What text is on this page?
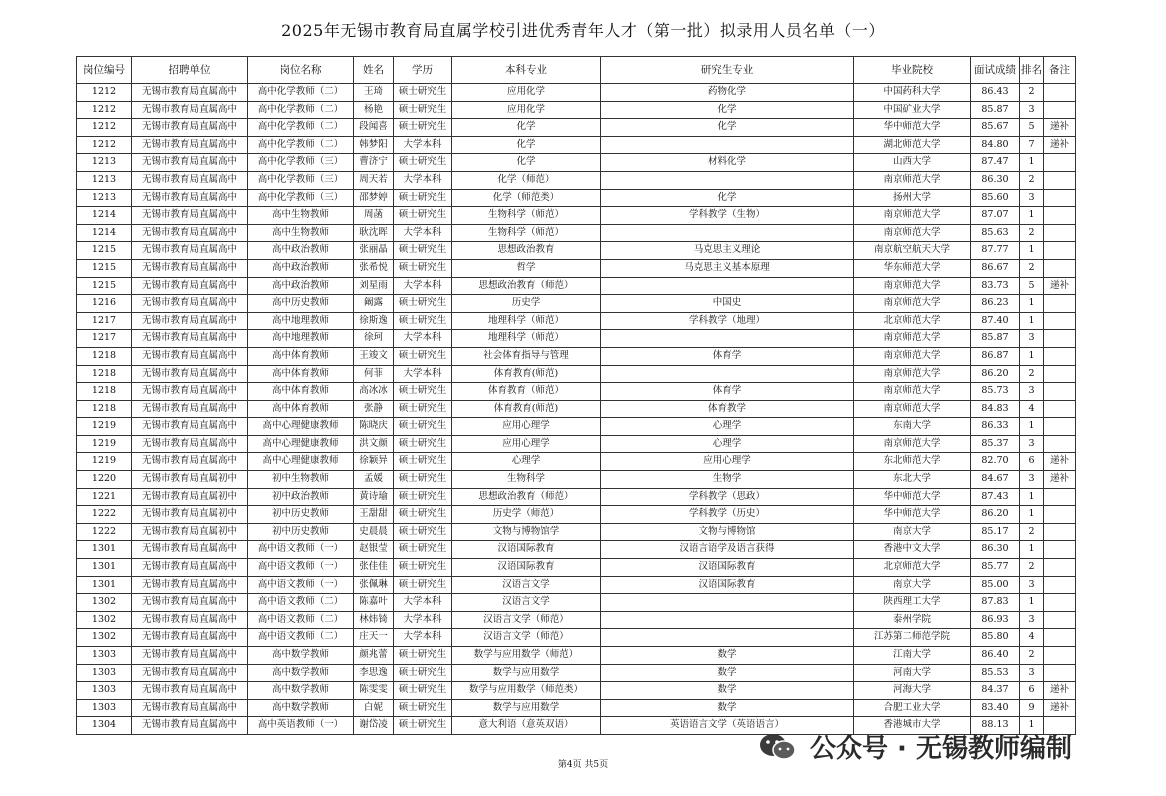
2025年无锡市教育局直属学校引进优秀青年人才（第一批）拟录用人员名单（一）
岗位编号	招聘单位	岗位名称	姓名	学历	本科专业	研究生专业	毕业院校	面试成绩	排名	备注
1212	无锡市教育局直属高中	高中化学教师（二）	王琦	硕士研究生	应用化学	药物化学	中国药科大学	86.43	2	
1212	无锡市教育局直属高中	高中化学教师（二）	杨艳	硕士研究生	应用化学	化学	中国矿业大学	85.87	3	
1212	无锡市教育局直属高中	高中化学教师（二）	段闻喜	硕士研究生	化学	化学	华中师范大学	85.67	5	递补
1212	无锡市教育局直属高中	高中化学教师（二）	韩梦阳	大学本科	化学		湖北师范大学	84.80	7	递补
1213	无锡市教育局直属高中	高中化学教师（三）	曹济宁	硕士研究生	化学	材料化学	山西大学	87.47	1	
1213	无锡市教育局直属高中	高中化学教师（三）	周天若	大学本科	化学（师范）		南京师范大学	86.30	2	
1213	无锡市教育局直属高中	高中化学教师（三）	邵梦婷	硕士研究生	化学（师范类）	化学	扬州大学	85.60	3	
1214	无锡市教育局直属高中	高中生物教师	周菡	硕士研究生	生物科学（师范）	学科教学（生物）	南京师范大学	87.07	1	
1214	无锡市教育局直属高中	高中生物教师	耿沈晖	大学本科	生物科学（师范）		南京师范大学	85.63	2	
1215	无锡市教育局直属高中	高中政治教师	张丽晶	硕士研究生	思想政治教育	马克思主义理论	南京航空航天大学	87.77	1	
1215	无锡市教育局直属高中	高中政治教师	张希悦	硕士研究生	哲学	马克思主义基本原理	华东师范大学	86.67	2	
1215	无锡市教育局直属高中	高中政治教师	刘星雨	大学本科	思想政治教育（师范）		南京师范大学	83.73	5	递补
1216	无锡市教育局直属高中	高中历史教师	阚露	硕士研究生	历史学	中国史	南京师范大学	86.23	1	
1217	无锡市教育局直属高中	高中地理教师	徐斯逸	硕士研究生	地理科学（师范）	学科教学（地理）	北京师范大学	87.40	1	
1217	无锡市教育局直属高中	高中地理教师	徐珂	大学本科	地理科学（师范）		南京师范大学	85.87	3	
1218	无锡市教育局直属高中	高中体育教师	王竣文	硕士研究生	社会体育指导与管理	体育学	南京师范大学	86.87	1	
1218	无锡市教育局直属高中	高中体育教师	何菲	大学本科	体育教育(师范)		南京师范大学	86.20	2	
1218	无锡市教育局直属高中	高中体育教师	高冰冰	硕士研究生	体育教育（师范）	体育学	南京师范大学	85.73	3	
1218	无锡市教育局直属高中	高中体育教师	张静	硕士研究生	体育教育(师范)	体育教学	南京师范大学	84.83	4	
1219	无锡市教育局直属高中	高中心理健康教师	陈晓庆	硕士研究生	应用心理学	心理学	东南大学	86.33	1	
1219	无锡市教育局直属高中	高中心理健康教师	洪文颜	硕士研究生	应用心理学	心理学	南京师范大学	85.37	3	
1219	无锡市教育局直属高中	高中心理健康教师	徐颖异	硕士研究生	心理学	应用心理学	东北师范大学	82.70	6	递补
1220	无锡市教育局直属初中	初中生物教师	孟媛	硕士研究生	生物科学	生物学	东北大学	84.67	3	递补
1221	无锡市教育局直属初中	初中政治教师	黄诗瑜	硕士研究生	思想政治教育（师范）	学科教学（思政）	华中师范大学	87.43	1	
1222	无锡市教育局直属初中	初中历史教师	王甜甜	硕士研究生	历史学（师范）	学科教学（历史）	华中师范大学	86.20	1	
1222	无锡市教育局直属初中	初中历史教师	史晨晨	硕士研究生	文物与博物馆学	文物与博物馆	南京大学	85.17	2	
1301	无锡市教育局直属高中	高中语文教师（一）	赵银莹	硕士研究生	汉语国际教育	汉语言语学及语言获得	香港中文大学	86.30	1	
1301	无锡市教育局直属高中	高中语文教师（一）	张佳佳	硕士研究生	汉语国际教育	汉语国际教育	北京师范大学	85.77	2	
1301	无锡市教育局直属高中	高中语文教师（一）	张佩琳	硕士研究生	汉语言文学	汉语国际教育	南京大学	85.00	3	
1302	无锡市教育局直属高中	高中语文教师（二）	陈嘉叶	大学本科	汉语言文学		陕西理工大学	87.83	1	
1302	无锡市教育局直属高中	高中语文教师（二）	林炜锜	大学本科	汉语言文学（师范）		泰州学院	86.93	3	
1302	无锡市教育局直属高中	高中语文教师（二）	庄天一	大学本科	汉语言文学（师范）		江苏第二师范学院	85.80	4	
1303	无锡市教育局直属高中	高中数学教师	颜兆蕾	硕士研究生	数学与应用数学（师范）	数学	江南大学	86.40	2	
1303	无锡市教育局直属高中	高中数学教师	李思逸	硕士研究生	数学与应用数学	数学	河南大学	85.53	3	
1303	无锡市教育局直属高中	高中数学教师	陈雯雯	硕士研究生	数学与应用数学（师范类）	数学	河海大学	84.37	6	递补
1303	无锡市教育局直属高中	高中数学教师	白妮	硕士研究生	数学与应用数学	数学	合肥工业大学	83.40	9	递补
1304	无锡市教育局直属高中	高中英语教师（一）	谢岱凌	硕士研究生	意大利语（意英双语）	英语语言文学（英语语言）	香港城市大学	88.13	1	
公众号 · 无锡教师编制
第4页 共5页
